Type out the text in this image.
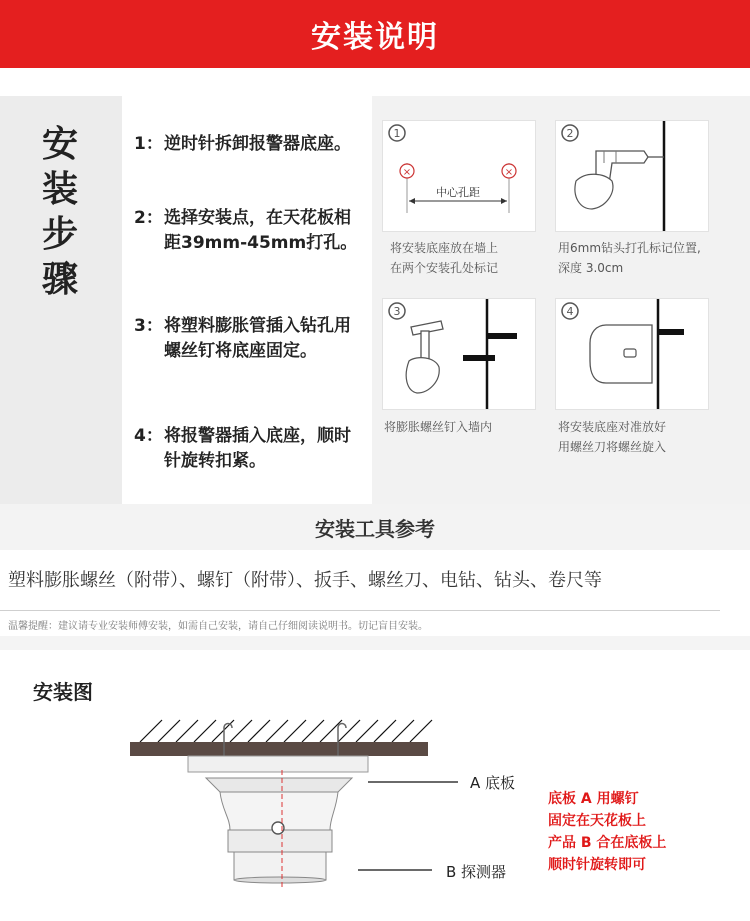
安装说明
安
装
步
骤
1： 逆时针拆卸报警器底座。
2： 选择安装点，在天花板相距39mm-45mm打孔。
3： 将塑料膨胀管插入钻孔用螺丝钉将底座固定。
4： 将报警器插入底座，顺时针旋转扣紧。
1
×	×
中心孔距
将安装底座放在墙上
在两个安装孔处标记
2
用6mm钻头打孔标记位置,
深度 3.0cm
3
将膨胀螺丝钉入墙内
4
将安装底座对准放好
用螺丝刀将螺丝旋入
安装工具参考
塑料膨胀螺丝（附带）、螺钉（附带）、扳手、螺丝刀、电钻、钻头、卷尺等
温馨提醒：建议请专业安装师傅安装，如需自己安装，请自己仔细阅读说明书。切记盲目安装。
安装图
A 底板
B 探测器
底板 A 用螺钉
固定在天花板上
产品 B 合在底板上
顺时针旋转即可
